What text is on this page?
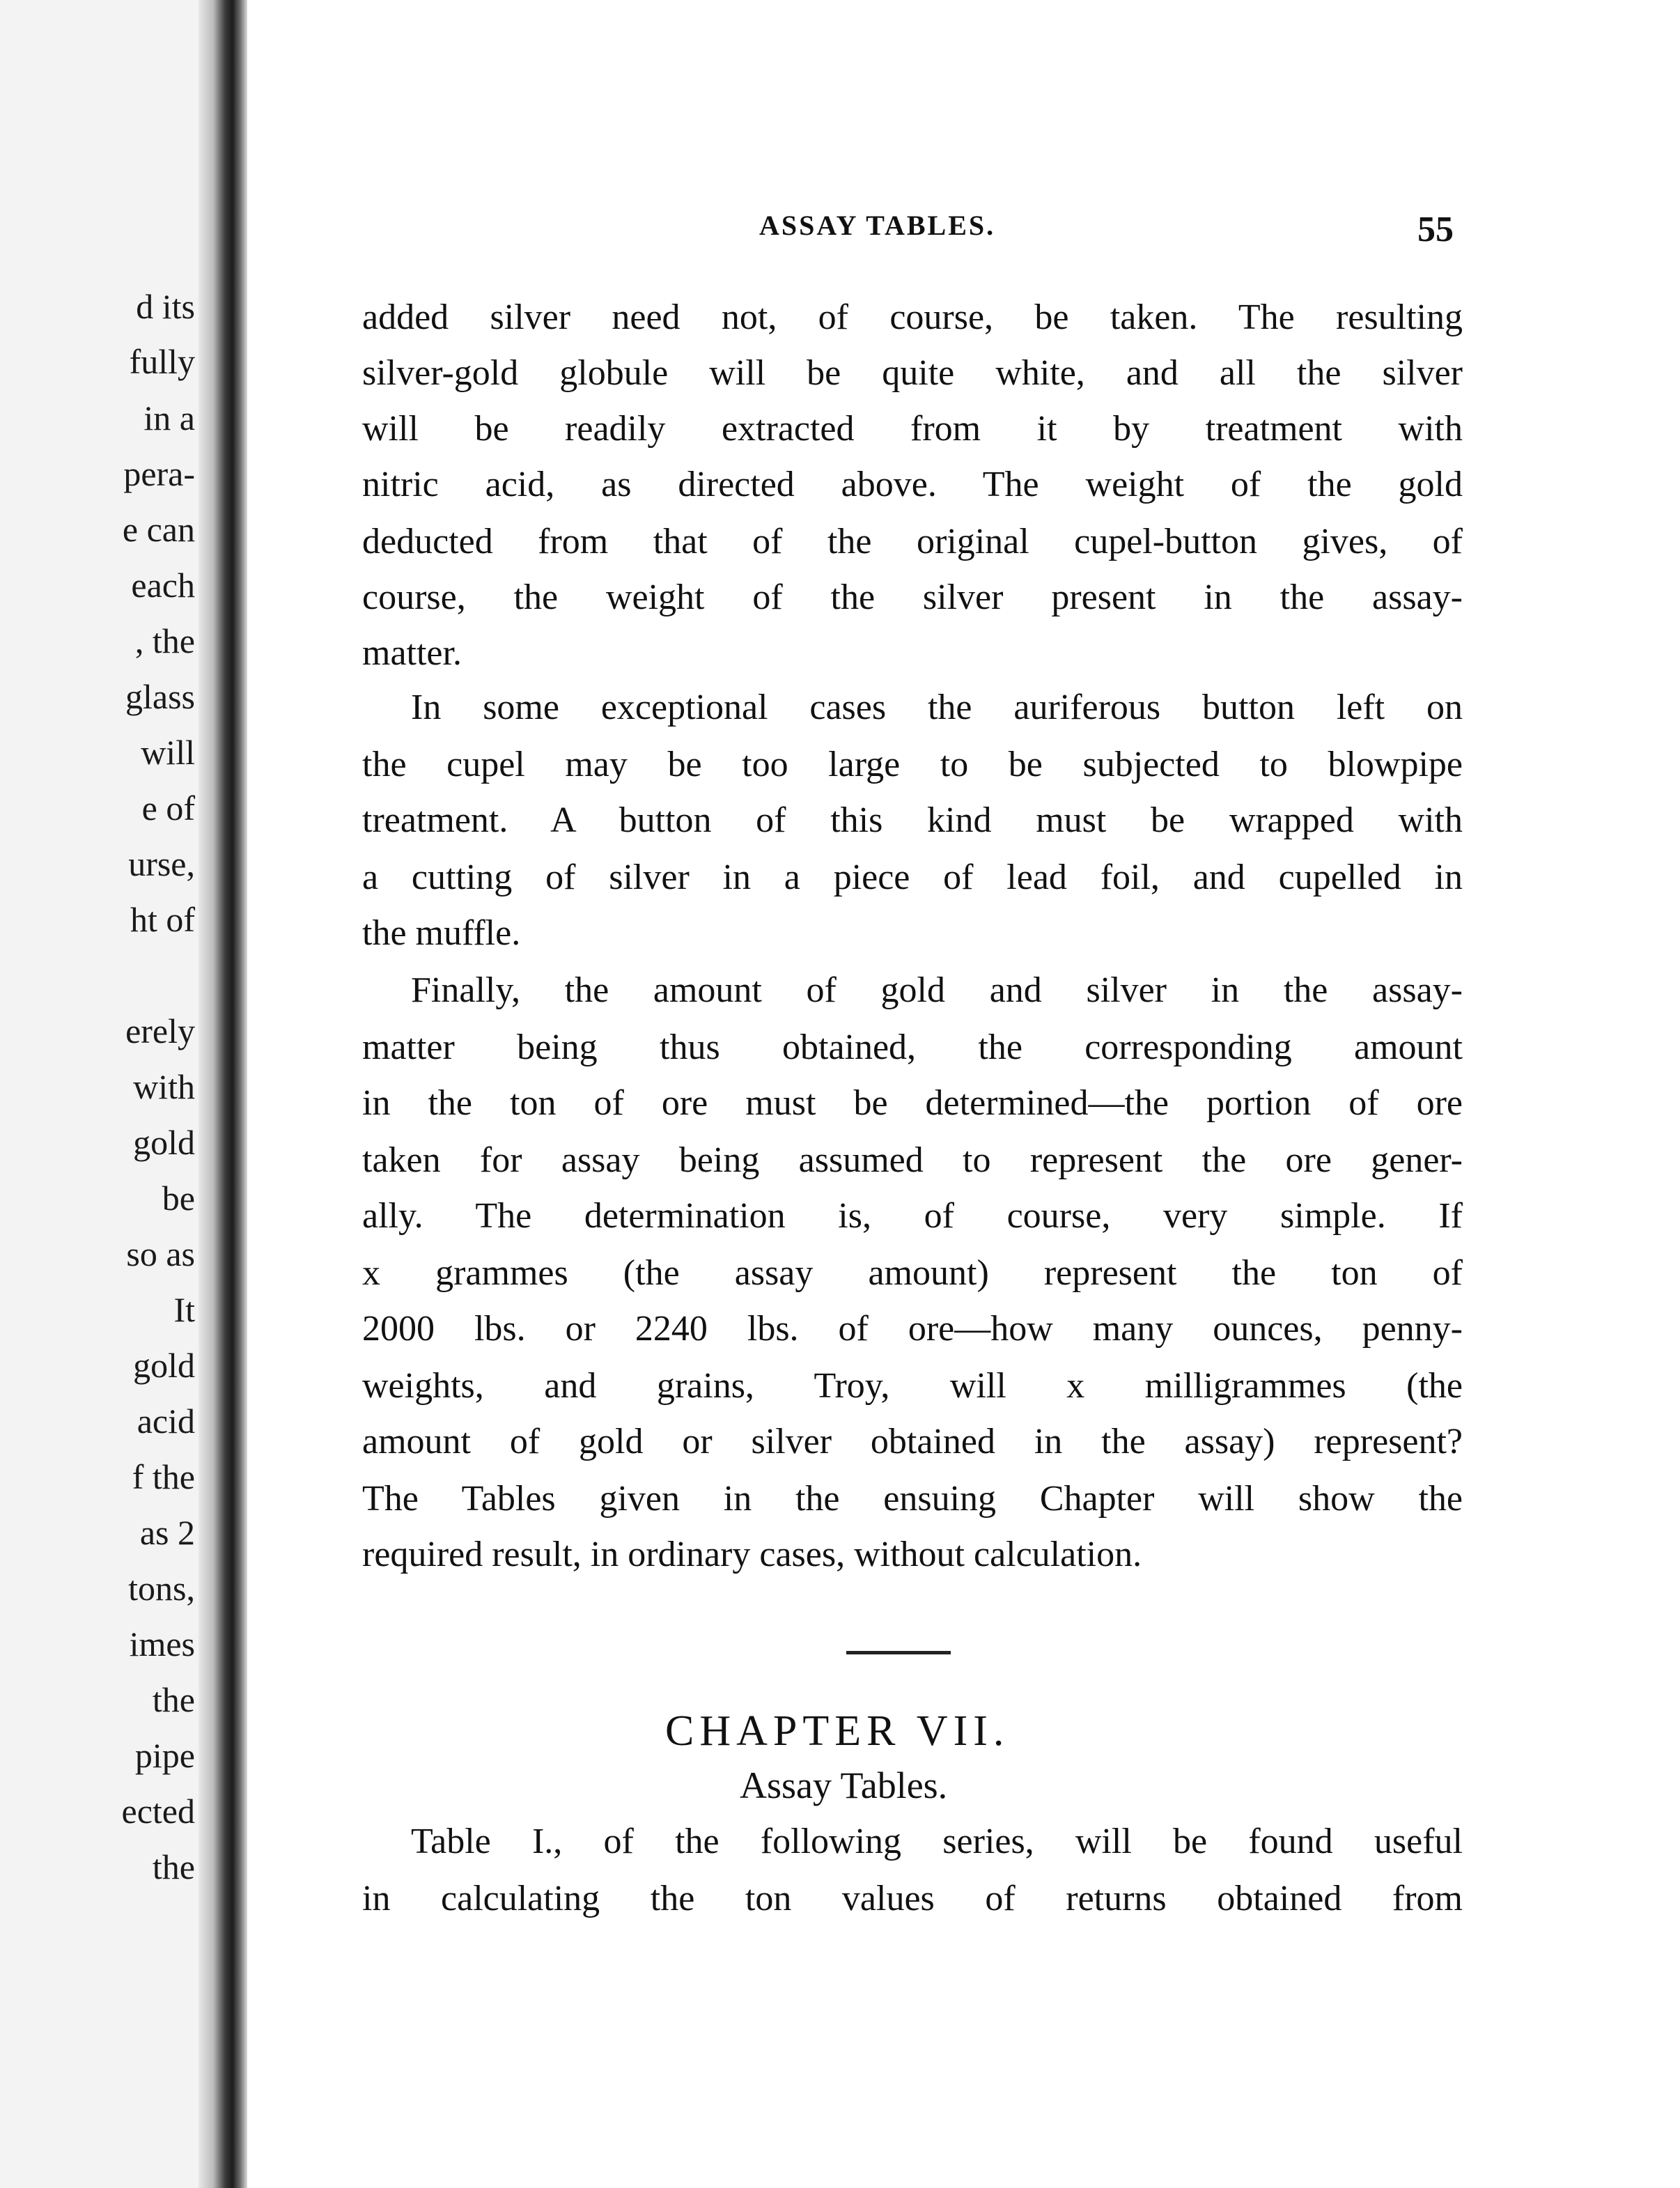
d its
fully
in a
pera-
e can
each
, the
glass
will
e of
urse,
ht of
erely
with
gold
be
so as
It
gold
acid
f the
as 2
tons,
imes
the
pipe
ected
the
ASSAY TABLES.	55
added silver need not, of course, be taken. The resulting
silver-gold globule will be quite white, and all the silver
will be readily extracted from it by treatment with
nitric acid, as directed above. The weight of the gold
deducted from that of the original cupel-button gives, of
course, the weight of the silver present in the assay-
matter.
In some exceptional cases the auriferous button left on
the cupel may be too large to be subjected to blowpipe
treatment. A button of this kind must be wrapped with
a cutting of silver in a piece of lead foil, and cupelled in
the muffle.
Finally, the amount of gold and silver in the assay-
matter being thus obtained, the corresponding amount
in the ton of ore must be determined—the portion of ore
taken for assay being assumed to represent the ore gener-
ally. The determination is, of course, very simple. If
x grammes (the assay amount) represent the ton of
2000 lbs. or 2240 lbs. of ore—how many ounces, penny-
weights, and grains, Troy, will x milligrammes (the
amount of gold or silver obtained in the assay) represent?
The Tables given in the ensuing Chapter will show the
required result, in ordinary cases, without calculation.
CHAPTER VII.
Assay Tables.
Table I., of the following series, will be found useful
in calculating the ton values of returns obtained from
